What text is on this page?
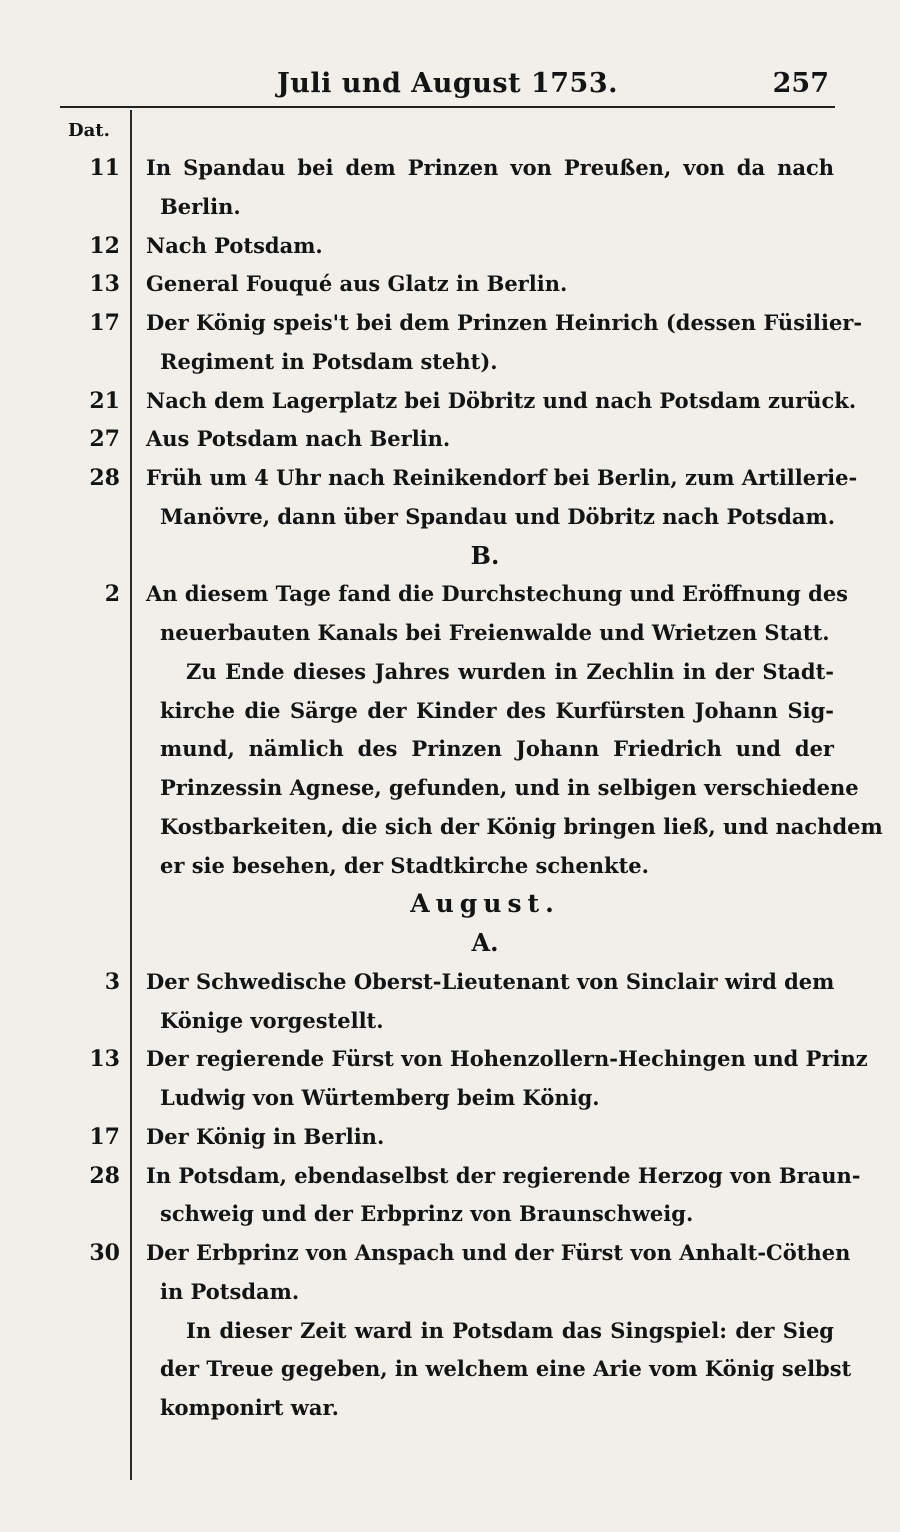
Juli und August 1753.	257
Dat.
11 In Spandau bei dem Prinzen von Preußen, von da nach
Berlin.
12 Nach Potsdam.
13 General Fouqué aus Glatz in Berlin.
17 Der König speis't bei dem Prinzen Heinrich (dessen Füsilier-
Regiment in Potsdam steht).
21 Nach dem Lagerplatz bei Döbritz und nach Potsdam zurück.
27 Aus Potsdam nach Berlin.
28 Früh um 4 Uhr nach Reinikendorf bei Berlin, zum Artillerie-
Manövre, dann über Spandau und Döbritz nach Potsdam.
B.
2 An diesem Tage fand die Durchstechung und Eröffnung des
neuerbauten Kanals bei Freienwalde und Wrietzen Statt.
Zu Ende dieses Jahres wurden in Zechlin in der Stadt-
kirche die Särge der Kinder des Kurfürsten Johann Sig-
mund, nämlich des Prinzen Johann Friedrich und der
Prinzessin Agnese, gefunden, und in selbigen verschiedene
Kostbarkeiten, die sich der König bringen ließ, und nachdem
er sie besehen, der Stadtkirche schenkte.
August.
A.
3 Der Schwedische Oberst-Lieutenant von Sinclair wird dem
Könige vorgestellt.
13 Der regierende Fürst von Hohenzollern-Hechingen und Prinz
Ludwig von Würtemberg beim König.
17 Der König in Berlin.
28 In Potsdam, ebendaselbst der regierende Herzog von Braun-
schweig und der Erbprinz von Braunschweig.
30 Der Erbprinz von Anspach und der Fürst von Anhalt-Cöthen
in Potsdam.
In dieser Zeit ward in Potsdam das Singspiel: der Sieg
der Treue gegeben, in welchem eine Arie vom König selbst
komponirt war.
